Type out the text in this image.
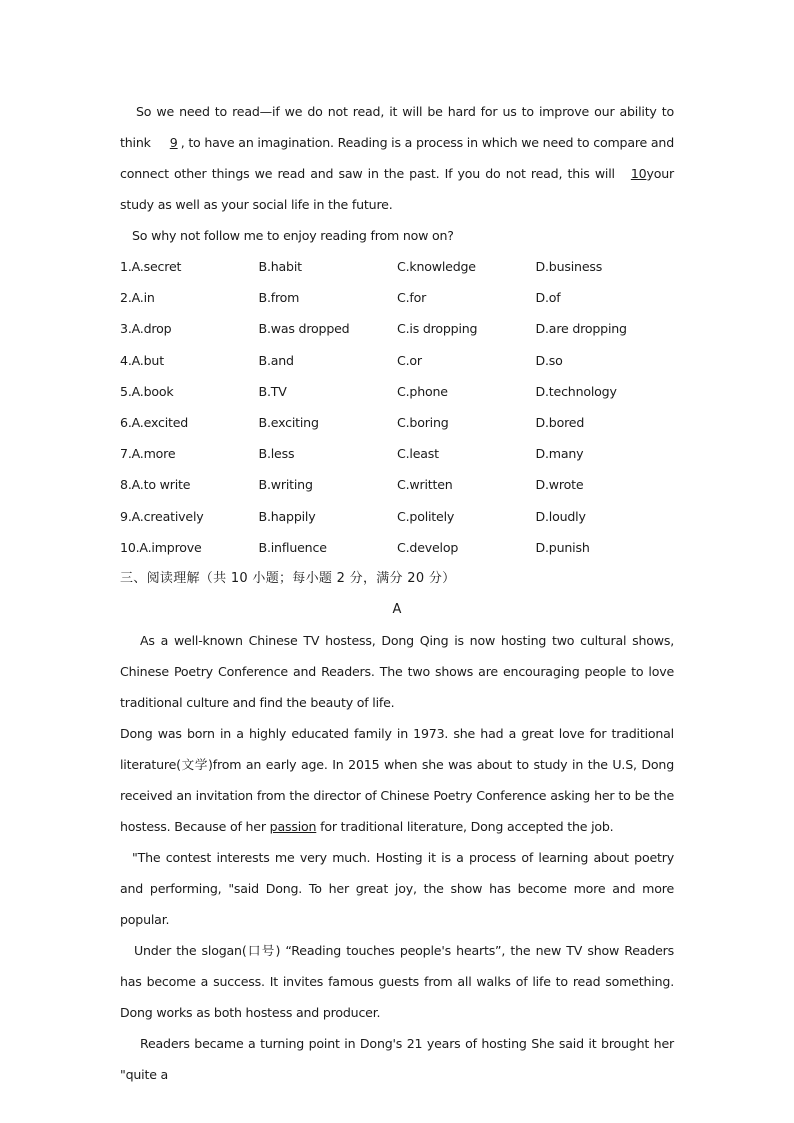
So we need to read—if we do not read, it will be hard for us to improve our ability to think 9 , to have an imagination. Reading is a process in which we need to compare and connect other things we read and saw in the past. If you do not read, this will 10your study as well as your social life in the future.

So why not follow me to enjoy reading from now on?

1.A.secret	B.habit	C.knowledge	D.business
2.A.in	B.from	C.for	D.of
3.A.drop	B.was dropped	C.is dropping	D.are dropping
4.A.but	B.and	C.or	D.so
5.A.book	B.TV	C.phone	D.technology
6.A.excited	B.exciting	C.boring	D.bored
7.A.more	B.less	C.least	D.many
8.A.to write	B.writing	C.written	D.wrote
9.A.creatively	B.happily	C.politely	D.loudly
10.A.improve	B.influence	C.develop	D.punish
三、阅读理解（共 10 小题；每小题 2 分，满分 20 分）
A

As a well-known Chinese TV hostess, Dong Qing is now hosting two cultural shows, Chinese Poetry Conference and Readers. The two shows are encouraging people to love traditional culture and find the beauty of life.

Dong was born in a highly educated family in 1973. she had a great love for traditional literature(文学)from an early age. In 2015 when she was about to study in the U.S, Dong received an invitation from the director of Chinese Poetry Conference asking her to be the hostess. Because of her passion for traditional literature, Dong accepted the job.

"The contest interests me very much. Hosting it is a process of learning about poetry and performing, "said Dong. To her great joy, the show has become more and more popular.

Under the slogan(口号) “Reading touches people's hearts”, the new TV show Readers has become a success. It invites famous guests from all walks of life to read something. Dong works as both hostess and producer.

Readers became a turning point in Dong's 21 years of hosting She said it brought her "quite a
